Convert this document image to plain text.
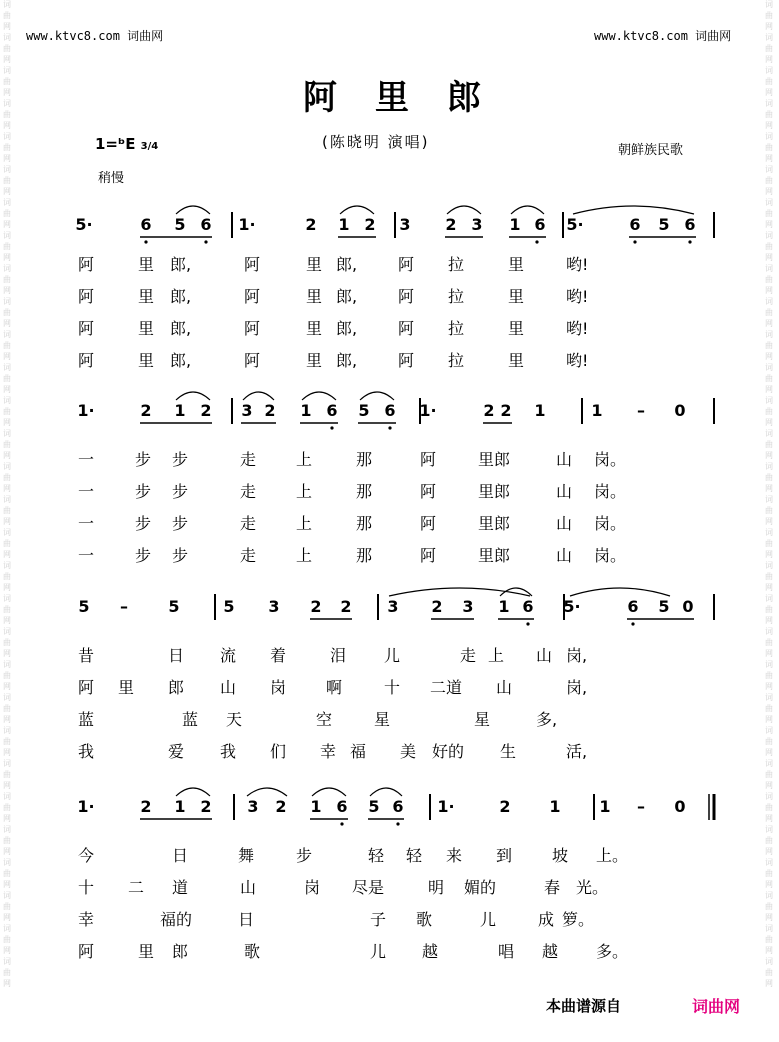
词
曲
网
词
曲
网
词
曲
网
词
曲
网
词
曲
网
词
曲
网
词
曲
网
词
曲
网
词
曲
网
词
曲
网
词
曲
网
词
曲
网
词
曲
网
词
曲
网
词
曲
网
词
曲
网
词
曲
网
词
曲
网
词
曲
网
词
曲
网
词
曲
网
词
曲
网
词
曲
网
词
曲
网
词
曲
网
词
曲
网
词
曲
网
词
曲
网
词
曲
网
词
曲
网
词
曲
网
词
曲
网
词
曲
网
词
曲
网
词
曲
网
词
曲
网
词
曲
网
词
曲
网
词
曲
网
词
曲
网
词
曲
网
词
曲
网
词
曲
网
词
曲
网
词
曲
网
词
曲
网
词
曲
网
词
曲
网
词
曲
网
词
曲
网
词
曲
网
词
曲
网
词
曲
网
词
曲
网
词
曲
网
词
曲
网
词
曲
网
词
曲
网
词
曲
网
词
曲
网
www.ktvc8.com 词曲网	www.ktvc8.com 词曲网
阿里郎
1=ᵇE 3/4
稍慢
(陈晓明 演唱)	朝鲜族民歌
5·	6 5 6 1·	2 1 2 3 2 3 1 6 5·	6 5 6
1·	2 1 2 3 2 1 6 5 6 1·	2 2 1	1 – 0
5 –	5	5 3 2 2 3 2 3 1 6 5·	6 5 0
1·	2 1 2 3 2 1 6 5 6 1·	2 1 1 – 0
阿	里 郎,	阿	里 郎,	阿 拉	里	哟!
阿	里 郎,	阿	里 郎,	阿 拉	里	哟!
阿	里 郎,	阿	里 郎,	阿 拉	里	哟!
阿	里 郎,	阿	里 郎,	阿 拉	里	哟!
一	步 步	走 上	那	阿	里郎	山 岗。
一	步 步	走 上	那	阿	里郎	山 岗。
一	步 步	走 上	那	阿	里郎	山 岗。
一	步 步	走 上	那	阿	里郎	山 岗。
昔	日 流 着	泪 儿	走 上 山 岗,
阿 里 郎 山 岗 啊	十 二道 山	岗,
蓝	蓝 天	空	星	星	多,
我	爱 我 们 幸 福 美 好的 生	活,
今	日	舞	步	轻 轻 来 到 坡 上。
十 二 道	山	岗 尽是	明 媚的	春 光。
幸	福的	日	子 歌	儿	成 箩。
阿	里 郎	歌	儿 越	唱 越 多。
本曲谱源自	词曲网
